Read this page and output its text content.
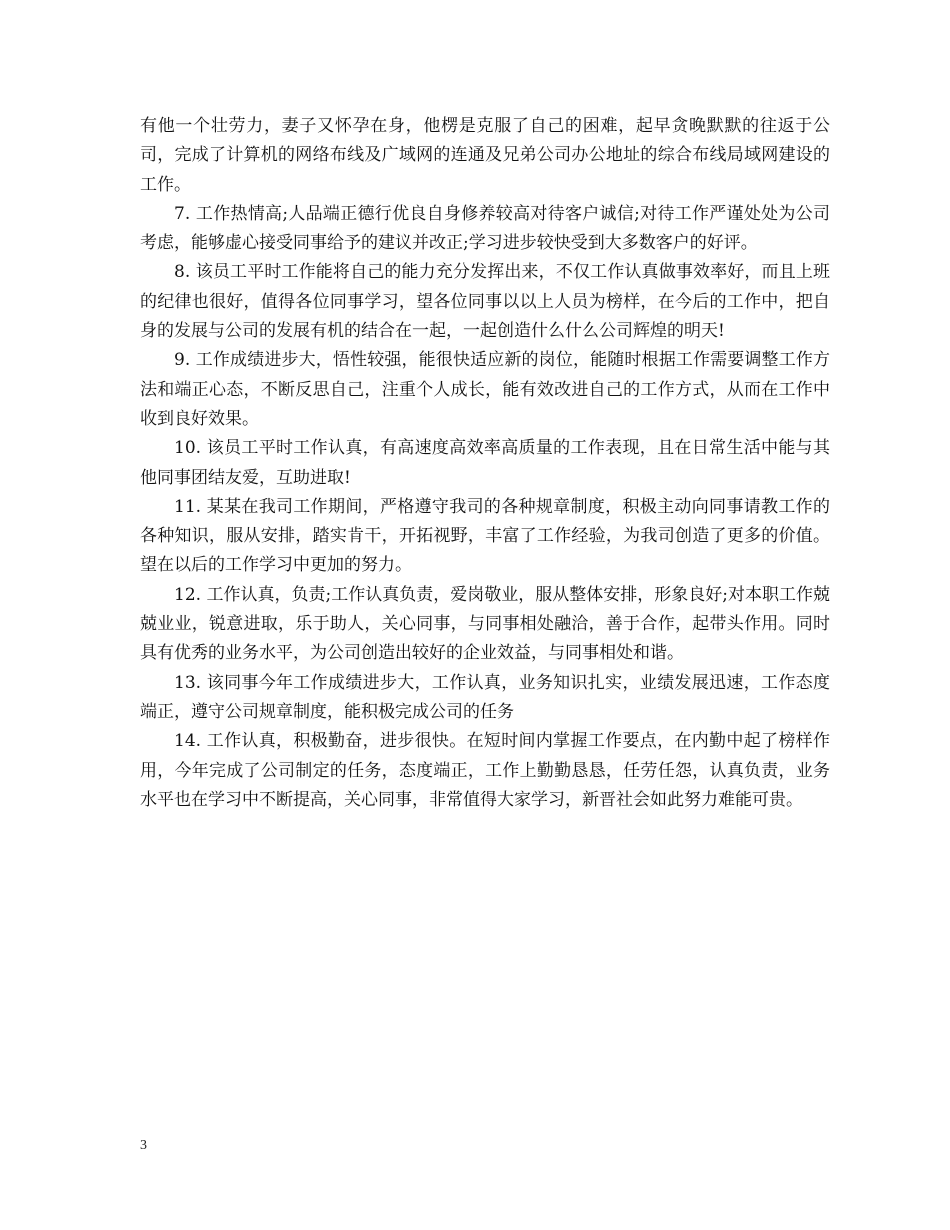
有他一个壮劳力，妻子又怀孕在身，他楞是克服了自己的困难，起早贪晚默默的往返于公司，完成了计算机的网络布线及广域网的连通及兄弟公司办公地址的综合布线局域网建设的工作。

7. 工作热情高;人品端正德行优良自身修养较高对待客户诚信;对待工作严谨处处为公司考虑，能够虚心接受同事给予的建议并改正;学习进步较快受到大多数客户的好评。

8. 该员工平时工作能将自己的能力充分发挥出来，不仅工作认真做事效率好，而且上班的纪律也很好，值得各位同事学习，望各位同事以以上人员为榜样，在今后的工作中，把自身的发展与公司的发展有机的结合在一起，一起创造什么什么公司辉煌的明天!

9. 工作成绩进步大，悟性较强，能很快适应新的岗位，能随时根据工作需要调整工作方法和端正心态，不断反思自己，注重个人成长，能有效改进自己的工作方式，从而在工作中收到良好效果。

10. 该员工平时工作认真，有高速度高效率高质量的工作表现，且在日常生活中能与其他同事团结友爱，互助进取!

11. 某某在我司工作期间，严格遵守我司的各种规章制度，积极主动向同事请教工作的各种知识，服从安排，踏实肯干，开拓视野，丰富了工作经验，为我司创造了更多的价值。望在以后的工作学习中更加的努力。

12. 工作认真，负责;工作认真负责，爱岗敬业，服从整体安排，形象良好;对本职工作兢兢业业，锐意进取，乐于助人，关心同事，与同事相处融洽，善于合作，起带头作用。同时具有优秀的业务水平，为公司创造出较好的企业效益，与同事相处和谐。

13. 该同事今年工作成绩进步大，工作认真，业务知识扎实，业绩发展迅速，工作态度端正，遵守公司规章制度，能积极完成公司的任务

14. 工作认真，积极勤奋，进步很快。在短时间内掌握工作要点，在内勤中起了榜样作用，今年完成了公司制定的任务，态度端正，工作上勤勤恳恳，任劳任怨，认真负责，业务水平也在学习中不断提高，关心同事，非常值得大家学习，新晋社会如此努力难能可贵。

3
